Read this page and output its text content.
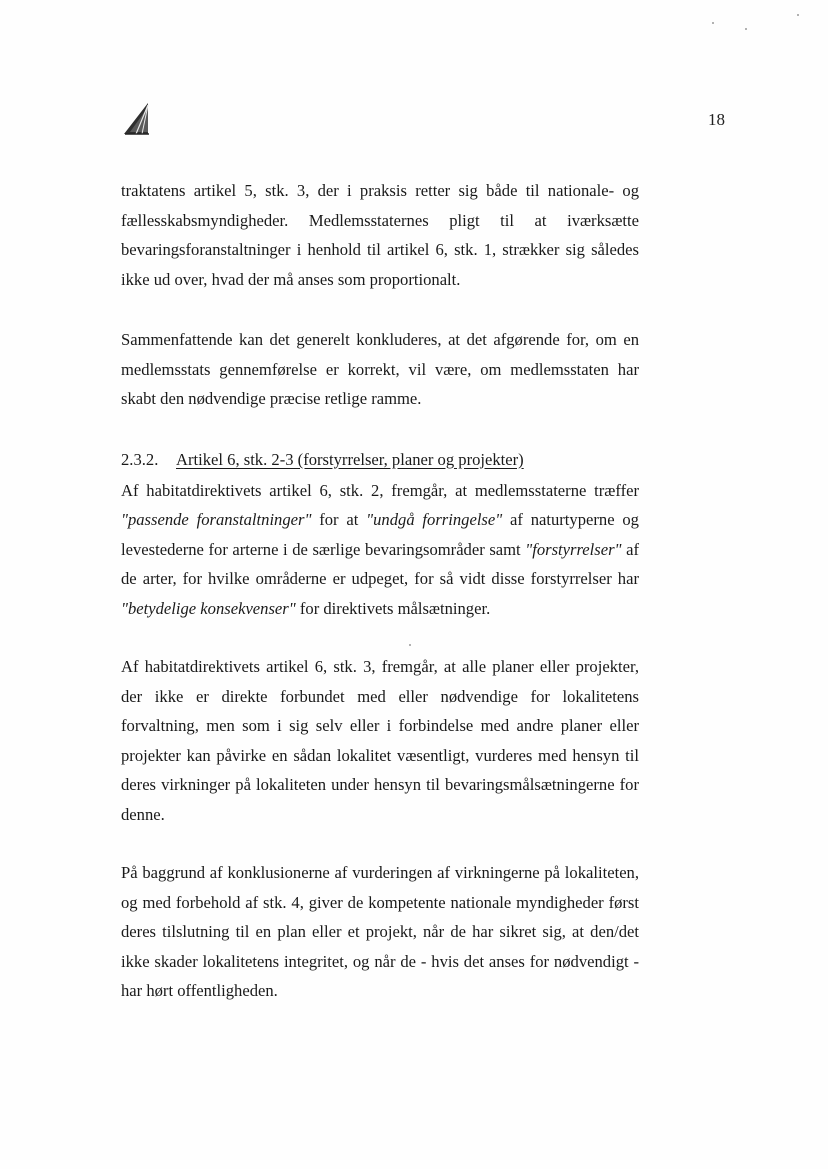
18

traktatens artikel 5, stk. 3, der i praksis retter sig både til nationale- og fællesskabsmyndigheder. Medlemsstaternes pligt til at iværksætte bevaringsforanstaltninger i henhold til artikel 6, stk. 1, strækker sig således ikke ud over, hvad der må anses som proportionalt.

Sammenfattende kan det generelt konkluderes, at det afgørende for, om en medlemsstats gennemførelse er korrekt, vil være, om medlemsstaten har skabt den nødvendige præcise retlige ramme.

2.3.2. Artikel 6, stk. 2-3 (forstyrrelser, planer og projekter)

Af habitatdirektivets artikel 6, stk. 2, fremgår, at medlemsstaterne træffer "passende foranstaltninger" for at "undgå forringelse" af naturtyperne og levestederne for arterne i de særlige bevaringsområder samt "forstyrrelser" af de arter, for hvilke områderne er udpeget, for så vidt disse forstyrrelser har "betydelige konsekvenser" for direktivets målsætninger.

Af habitatdirektivets artikel 6, stk. 3, fremgår, at alle planer eller projekter, der ikke er direkte forbundet med eller nødvendige for lokalitetens forvaltning, men som i sig selv eller i forbindelse med andre planer eller projekter kan påvirke en sådan lokalitet væsentligt, vurderes med hensyn til deres virkninger på lokaliteten under hensyn til bevaringsmålsætningerne for denne.

På baggrund af konklusionerne af vurderingen af virkningerne på lokaliteten, og med forbehold af stk. 4, giver de kompetente nationale myndigheder først deres tilslutning til en plan eller et projekt, når de har sikret sig, at den/det ikke skader lokalitetens integritet, og når de - hvis det anses for nødvendigt - har hørt offentligheden.
